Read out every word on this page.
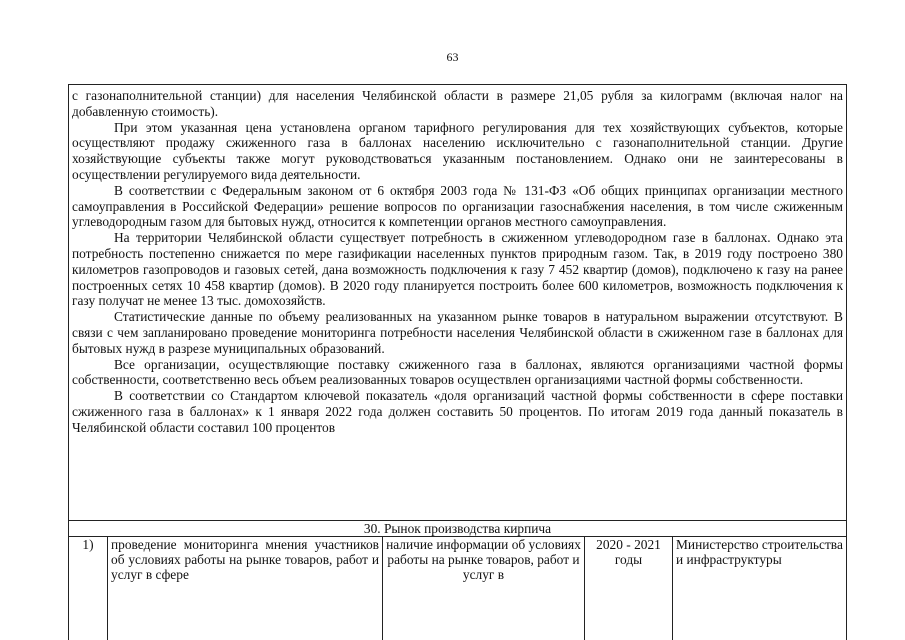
63

с газонаполнительной станции) для населения Челябинской области в размере 21,05 рубля за килограмм (включая налог на добавленную стоимость).

При этом указанная цена установлена органом тарифного регулирования для тех хозяйствующих субъектов, которые осуществляют продажу сжиженного газа в баллонах населению исключительно с газонаполнительной станции. Другие хозяйствующие субъекты также могут руководствоваться указанным постановлением. Однако они не заинтересованы в осуществлении регулируемого вида деятельности.

В соответствии с Федеральным законом от 6 октября 2003 года № 131-ФЗ «Об общих принципах организации местного самоуправления в Российской Федерации» решение вопросов по организации газоснабжения населения, в том числе сжиженным углеводородным газом для бытовых нужд, относится к компетенции органов местного самоуправления.

На территории Челябинской области существует потребность в сжиженном углеводородном газе в баллонах. Однако эта потребность постепенно снижается по мере газификации населенных пунктов природным газом. Так, в 2019 году построено 380 километров газопроводов и газовых сетей, дана возможность подключения к газу 7 452 квартир (домов), подключено к газу на ранее построенных сетях 10 458 квартир (домов). В 2020 году планируется построить более 600 километров, возможность подключения к газу получат не менее 13 тыс. домохозяйств.

Статистические данные по объему реализованных на указанном рынке товаров в натуральном выражении отсутствуют. В связи с чем запланировано проведение мониторинга потребности населения Челябинской области в сжиженном газе в баллонах для бытовых нужд в разрезе муниципальных образований.

Все организации, осуществляющие поставку сжиженного газа в баллонах, являются организациями частной формы собственности, соответственно весь объем реализованных товаров осуществлен организациями частной формы собственности.

В соответствии со Стандартом ключевой показатель «доля организаций частной формы собственности в сфере поставки сжиженного газа в баллонах» к 1 января 2022 года должен составить 50 процентов. По итогам 2019 года данный показатель в Челябинской области составил 100 процентов

30. Рынок производства кирпича
1)	проведение мониторинга мнения участников об условиях работы на рынке товаров, работ и услуг в сфере
наличие информации об условиях работы на рынке товаров, работ и услуг в
2020 - 2021 годы
Министерство строительства и инфраструктуры
